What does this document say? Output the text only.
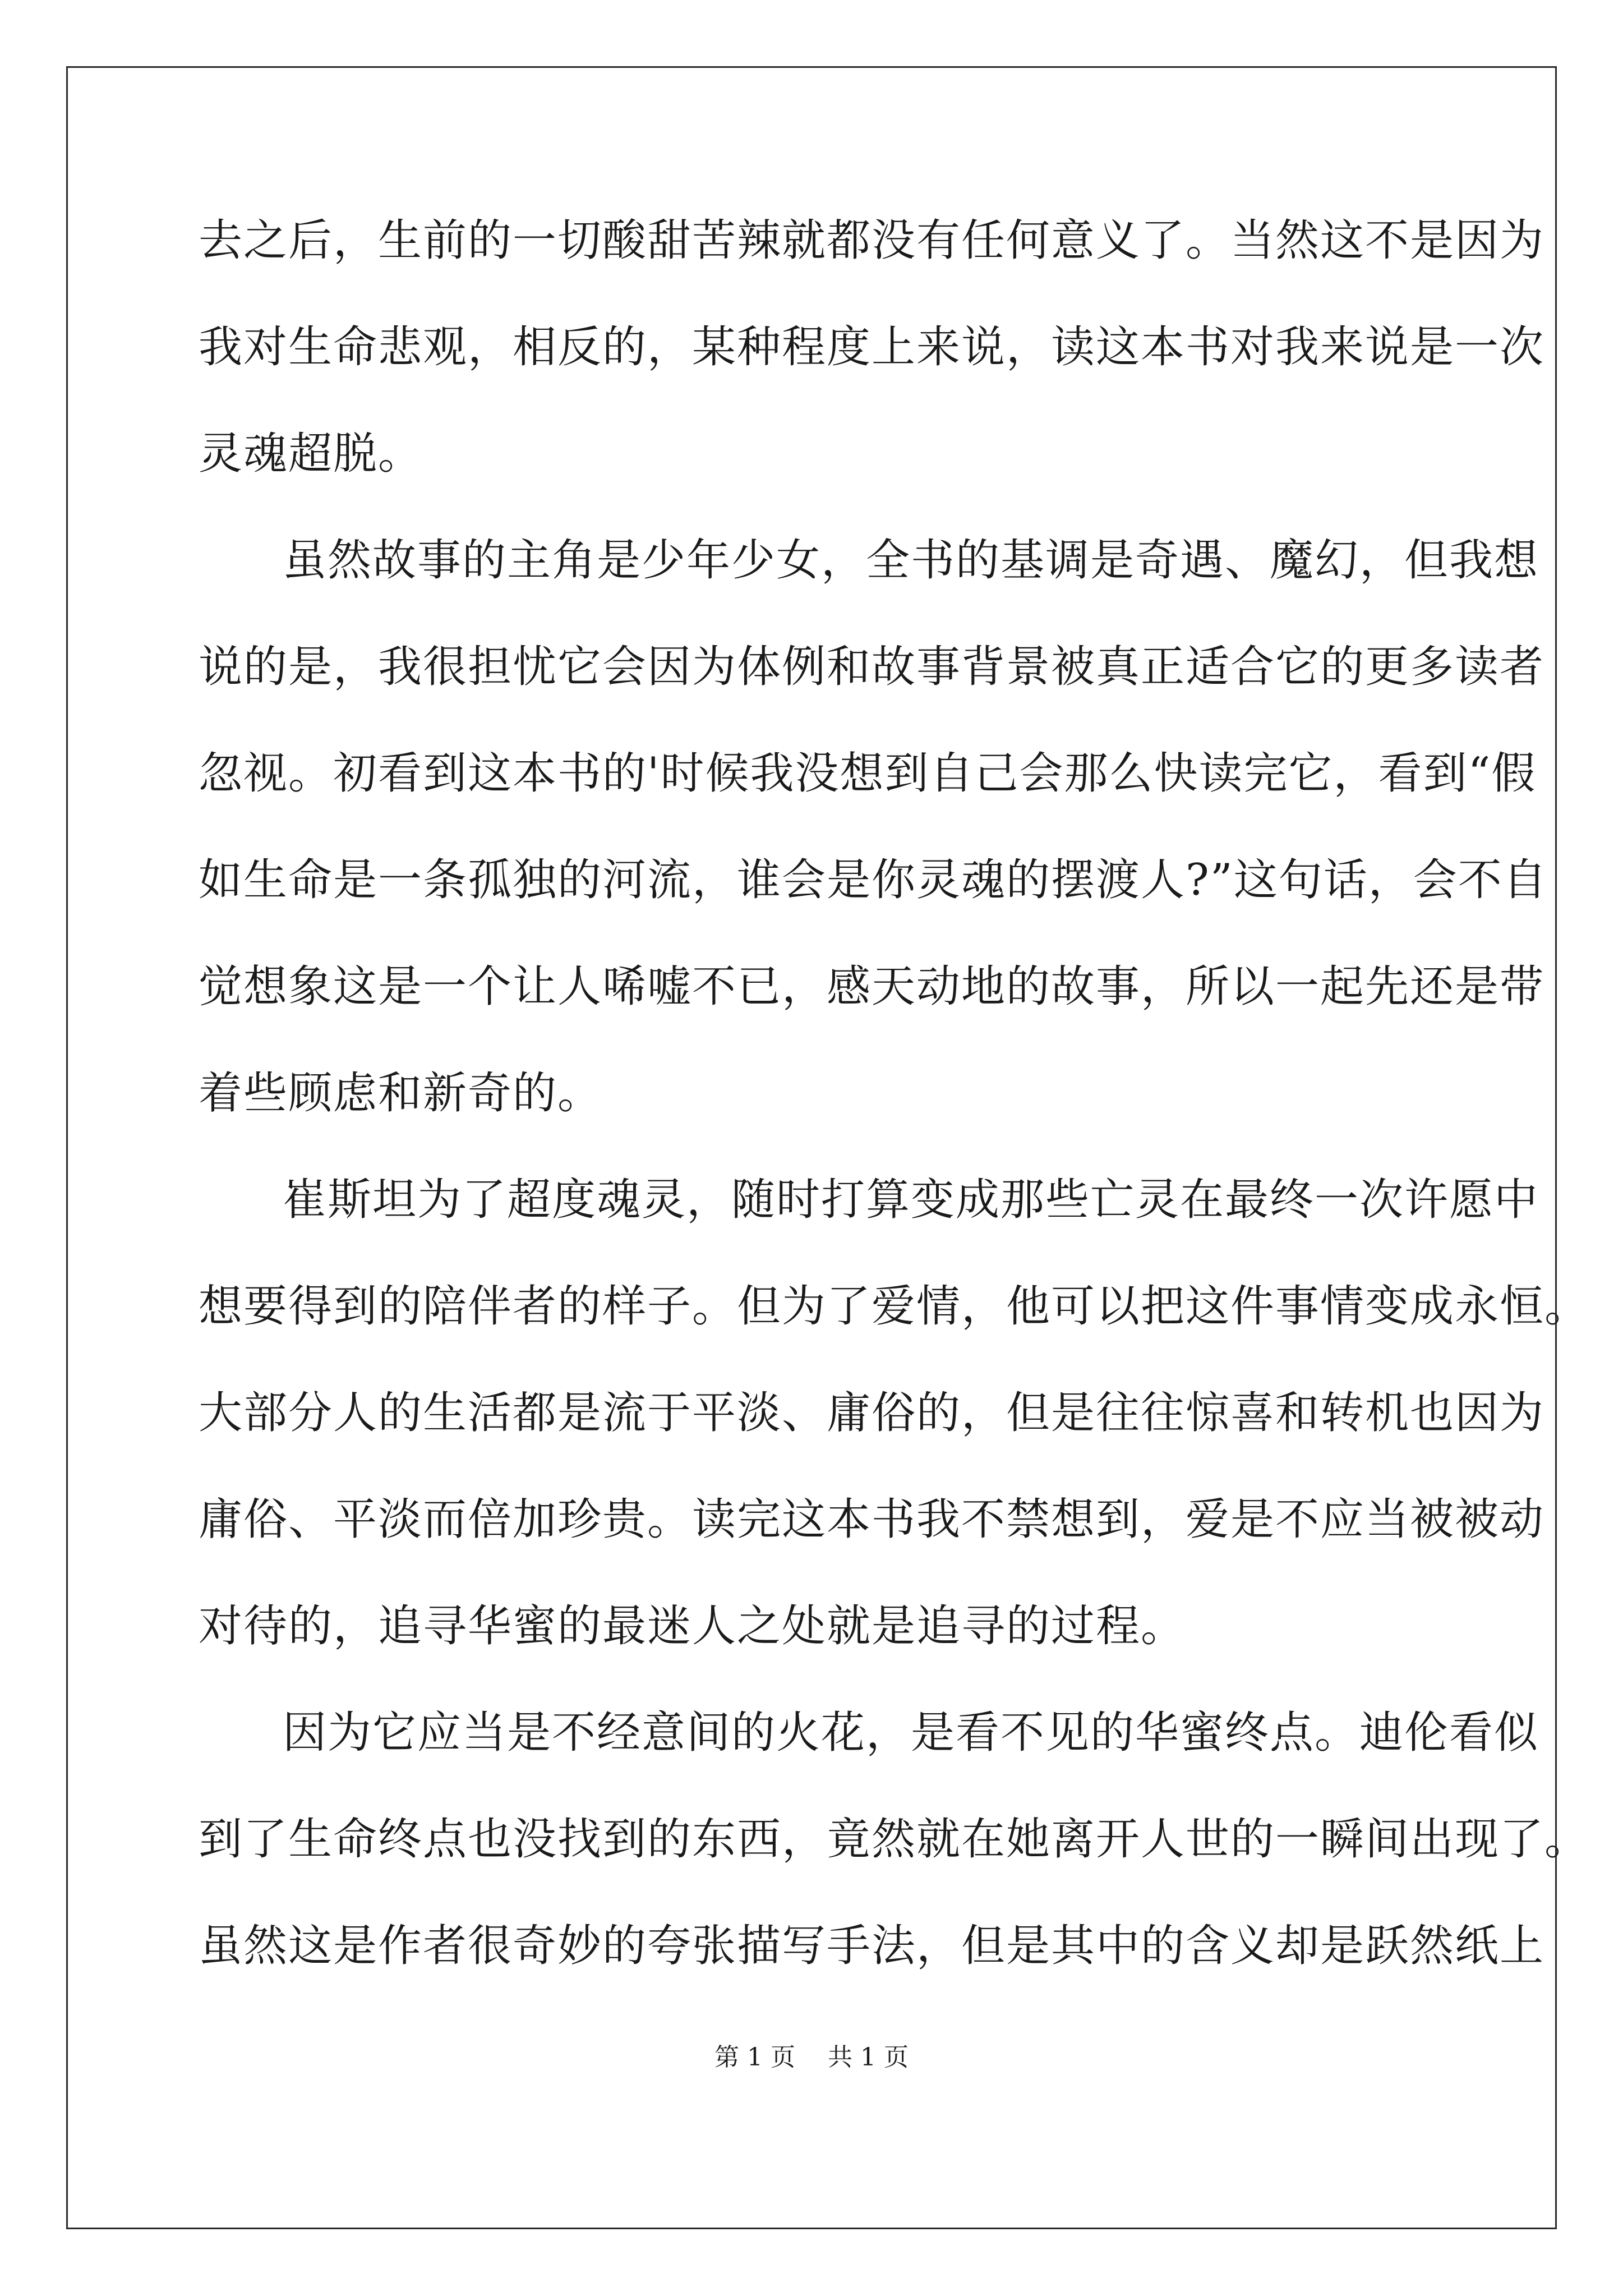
去之后，生前的一切酸甜苦辣就都没有任何意义了。当然这不是因为
我对生命悲观，相反的，某种程度上来说，读这本书对我来说是一次
灵魂超脱。
虽然故事的主角是少年少女，全书的基调是奇遇、魔幻，但我想
说的是，我很担忧它会因为体例和故事背景被真正适合它的更多读者
忽视。初看到这本书的'时候我没想到自己会那么快读完它，看到“假
如生命是一条孤独的河流，谁会是你灵魂的摆渡人?”这句话，会不自
觉想象这是一个让人唏嘘不已，感天动地的故事，所以一起先还是带
着些顾虑和新奇的。
崔斯坦为了超度魂灵，随时打算变成那些亡灵在最终一次许愿中
想要得到的陪伴者的样子。但为了爱情，他可以把这件事情变成永恒。
大部分人的生活都是流于平淡、庸俗的，但是往往惊喜和转机也因为
庸俗、平淡而倍加珍贵。读完这本书我不禁想到，爱是不应当被被动
对待的，追寻华蜜的最迷人之处就是追寻的过程。
因为它应当是不经意间的火花，是看不见的华蜜终点。迪伦看似
到了生命终点也没找到的东西，竟然就在她离开人世的一瞬间出现了。
虽然这是作者很奇妙的夸张描写手法，但是其中的含义却是跃然纸上
第 1 页 共 1 页
